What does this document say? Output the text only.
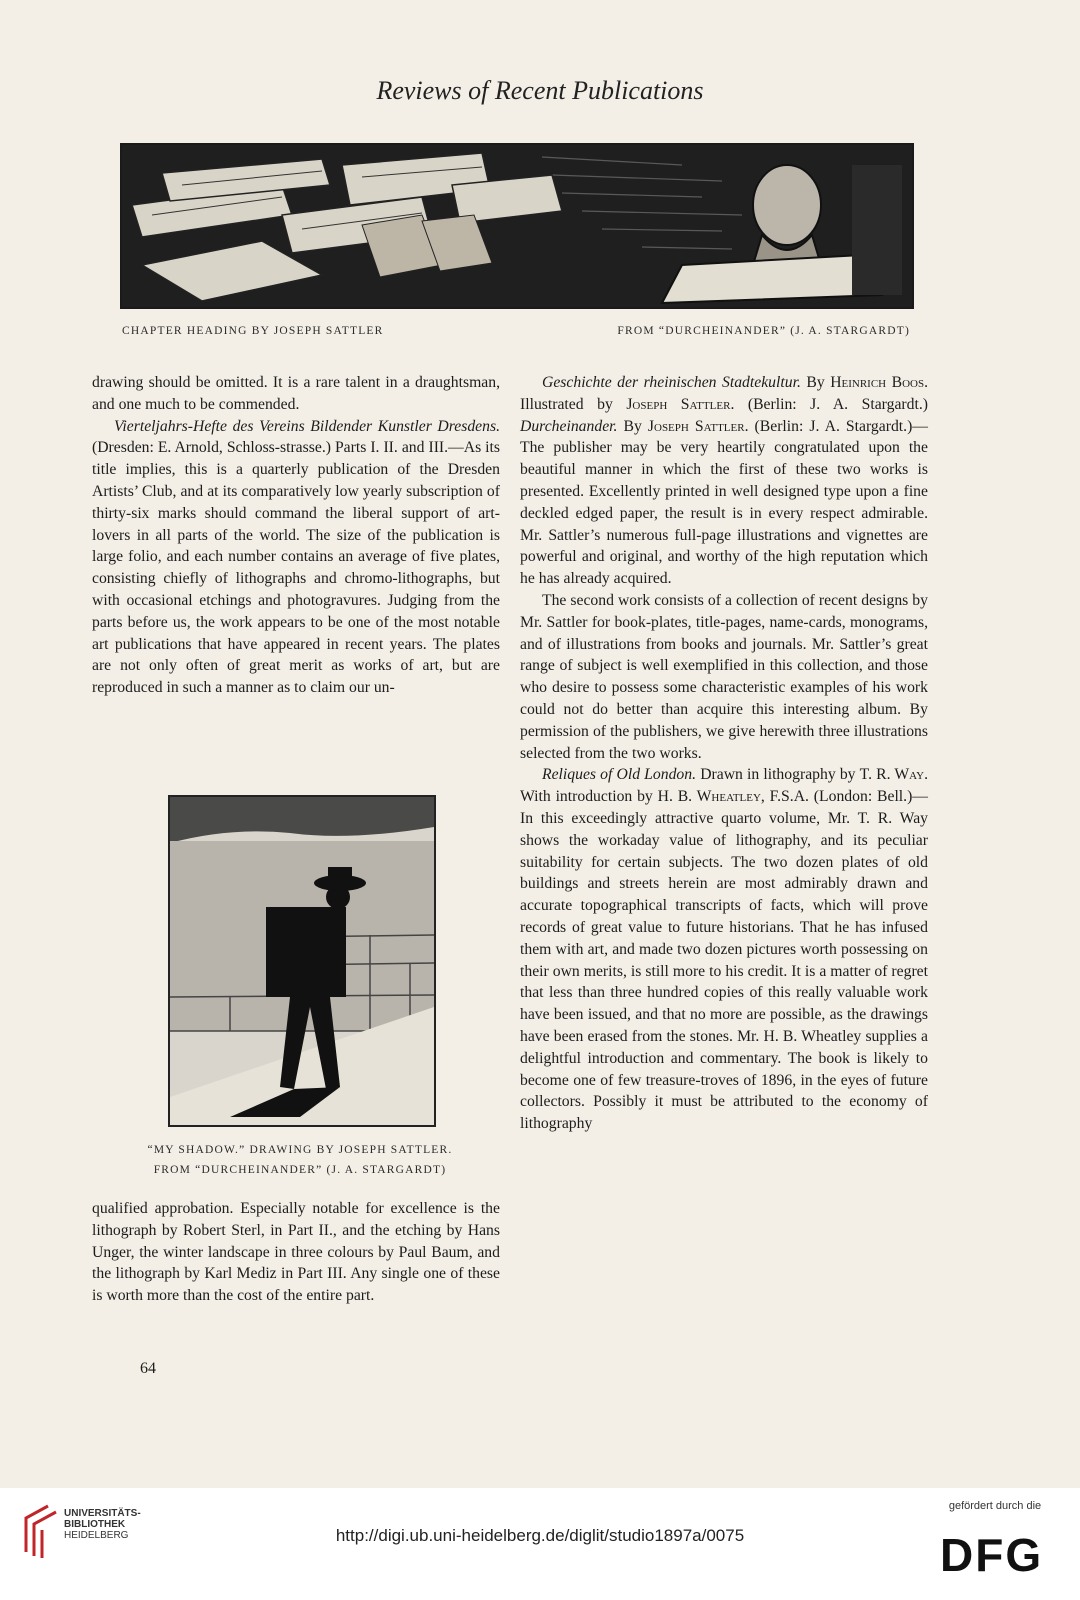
Reviews of Recent Publications
CHAPTER HEADING BY JOSEPH SATTLER	FROM “DURCHEINANDER” (J. A. STARGARDT)

drawing should be omitted. It is a rare talent in a draughtsman, and one much to be commended.

Vierteljahrs-Hefte des Vereins Bildender Kunstler Dresdens. (Dresden: E. Arnold, Schloss-strasse.) Parts I. II. and III.—As its title implies, this is a quarterly publication of the Dresden Artists’ Club, and at its comparatively low yearly subscription of thirty-six marks should command the liberal support of art-lovers in all parts of the world. The size of the publication is large folio, and each number contains an average of five plates, consisting chiefly of lithographs and chromo-lithographs, but with occasional etchings and photogravures. Judging from the parts before us, the work appears to be one of the most notable art publications that have appeared in recent years. The plates are not only often of great merit as works of art, but are reproduced in such a manner as to claim our un-

“MY SHADOW.” DRAWING BY JOSEPH SATTLER.
FROM “DURCHEINANDER” (J. A. STARGARDT)

qualified approbation. Especially notable for excellence is the lithograph by Robert Sterl, in Part II., and the etching by Hans Unger, the winter landscape in three colours by Paul Baum, and the lithograph by Karl Mediz in Part III. Any single one of these is worth more than the cost of the entire part.

64

Geschichte der rheinischen Stadtekultur. By Heinrich Boos. Illustrated by Joseph Sattler. (Berlin: J. A. Stargardt.) Durcheinander. By Joseph Sattler. (Berlin: J. A. Stargardt.)—The publisher may be very heartily congratulated upon the beautiful manner in which the first of these two works is presented. Excellently printed in well designed type upon a fine deckled edged paper, the result is in every respect admirable. Mr. Sattler’s numerous full-page illustrations and vignettes are powerful and original, and worthy of the high reputation which he has already acquired.

The second work consists of a collection of recent designs by Mr. Sattler for book-plates, title-pages, name-cards, monograms, and of illustrations from books and journals. Mr. Sattler’s great range of subject is well exemplified in this collection, and those who desire to possess some characteristic examples of his work could not do better than acquire this interesting album. By permission of the publishers, we give herewith three illustrations selected from the two works.

Reliques of Old London. Drawn in lithography by T. R. Way. With introduction by H. B. Wheatley, F.S.A. (London: Bell.)—In this exceedingly attractive quarto volume, Mr. T. R. Way shows the workaday value of lithography, and its peculiar suitability for certain subjects. The two dozen plates of old buildings and streets herein are most admirably drawn and accurate topographical transcripts of facts, which will prove records of great value to future historians. That he has infused them with art, and made two dozen pictures worth possessing on their own merits, is still more to his credit. It is a matter of regret that less than three hundred copies of this really valuable work have been issued, and that no more are possible, as the drawings have been erased from the stones. Mr. H. B. Wheatley supplies a delightful introduction and commentary. The book is likely to become one of few treasure-troves of 1896, in the eyes of future collectors. Possibly it must be attributed to the economy of lithography

UNIVERSITÄTS-
BIBLIOTHEK
HEIDELBERG	http://digi.ub.uni-heidelberg.de/diglit/studio1897a/0075
gefördert durch die
DFG
